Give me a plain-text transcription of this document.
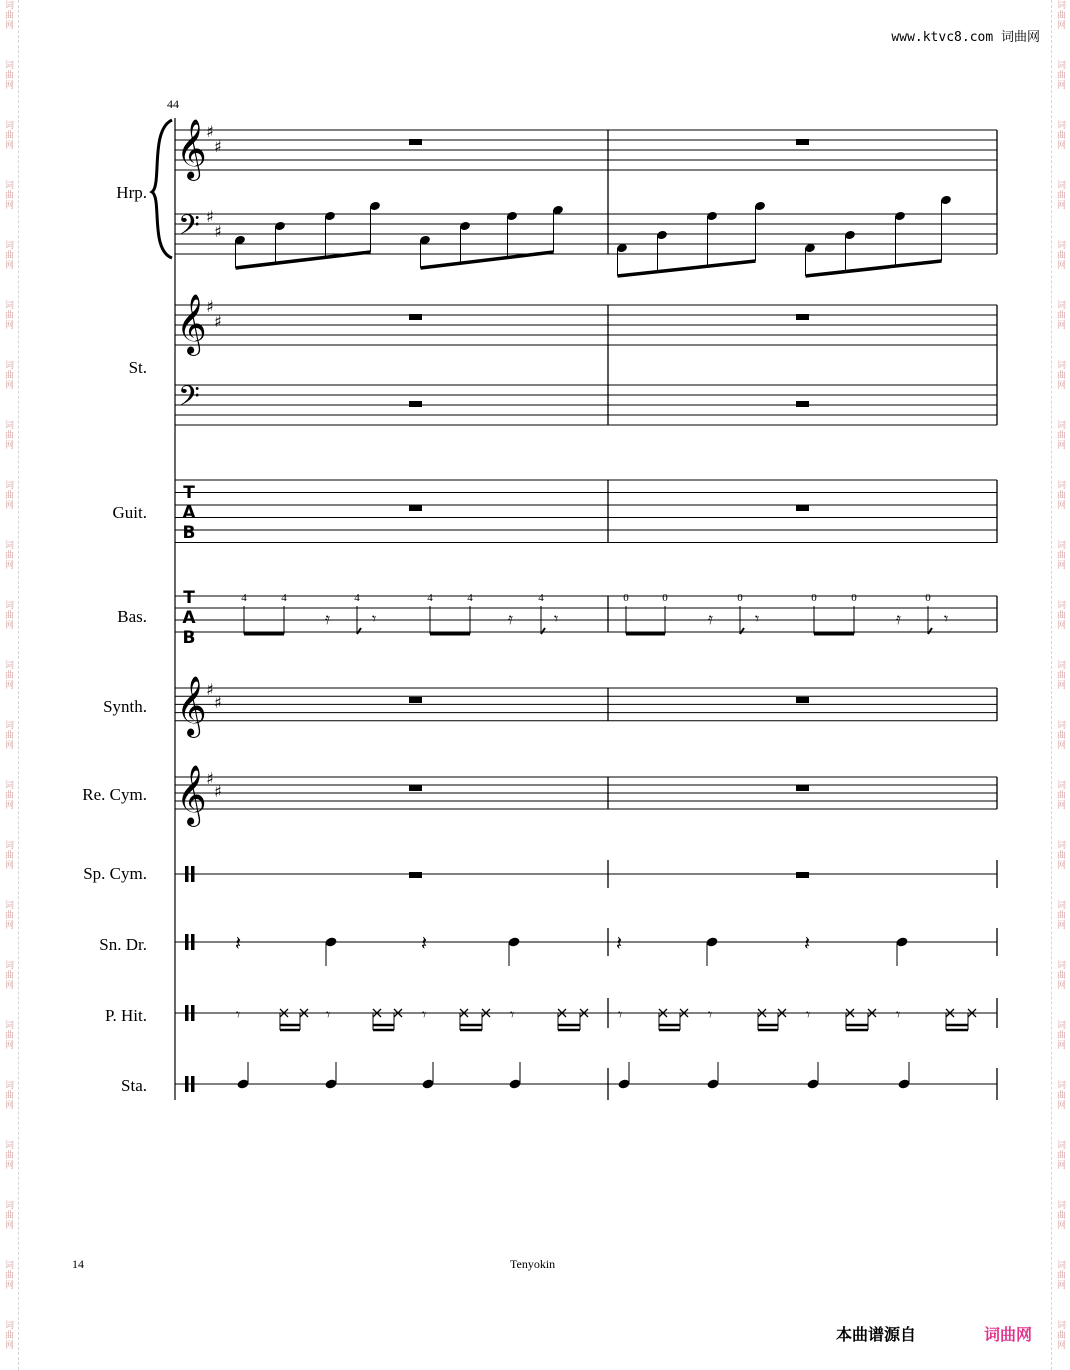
词曲网
词曲网
词曲网
词曲网
词曲网
词曲网
词曲网
词曲网
词曲网
词曲网
词曲网
词曲网
词曲网
词曲网
词曲网
词曲网
词曲网
词曲网
词曲网
词曲网
词曲网
词曲网
词曲网
词曲网
词曲网
词曲网
词曲网
词曲网
词曲网
词曲网
词曲网
词曲网
词曲网
词曲网
词曲网
词曲网
词曲网
词曲网
词曲网
词曲网
词曲网
词曲网
词曲网
词曲网
词曲网
词曲网
www.ktvc8.com 词曲网
𝄞
𝄢
𝄞
𝄢
𝄞
𝄞
♯
♯
♯
♯
♯
♯
♯
♯
♯
♯
𝄿	𝄿	𝄿	𝄿
𝄾	𝄾	𝄾	𝄾
𝄽	𝄽	𝄽	𝄽
𝄾	𝄾	𝄾	𝄾	𝄾	𝄾	𝄾	𝄾
44
Hrp.
St.
Guit.
Bas.
Synth.
Re. Cym.
Sp. Cym.
Sn. Dr.
P. Hit.
Sta.
T
A
B
T
A
B
4	4	4	4	4	4	0	0	0	0	0	0
14	Tenyokin
本曲谱源自	词曲网
